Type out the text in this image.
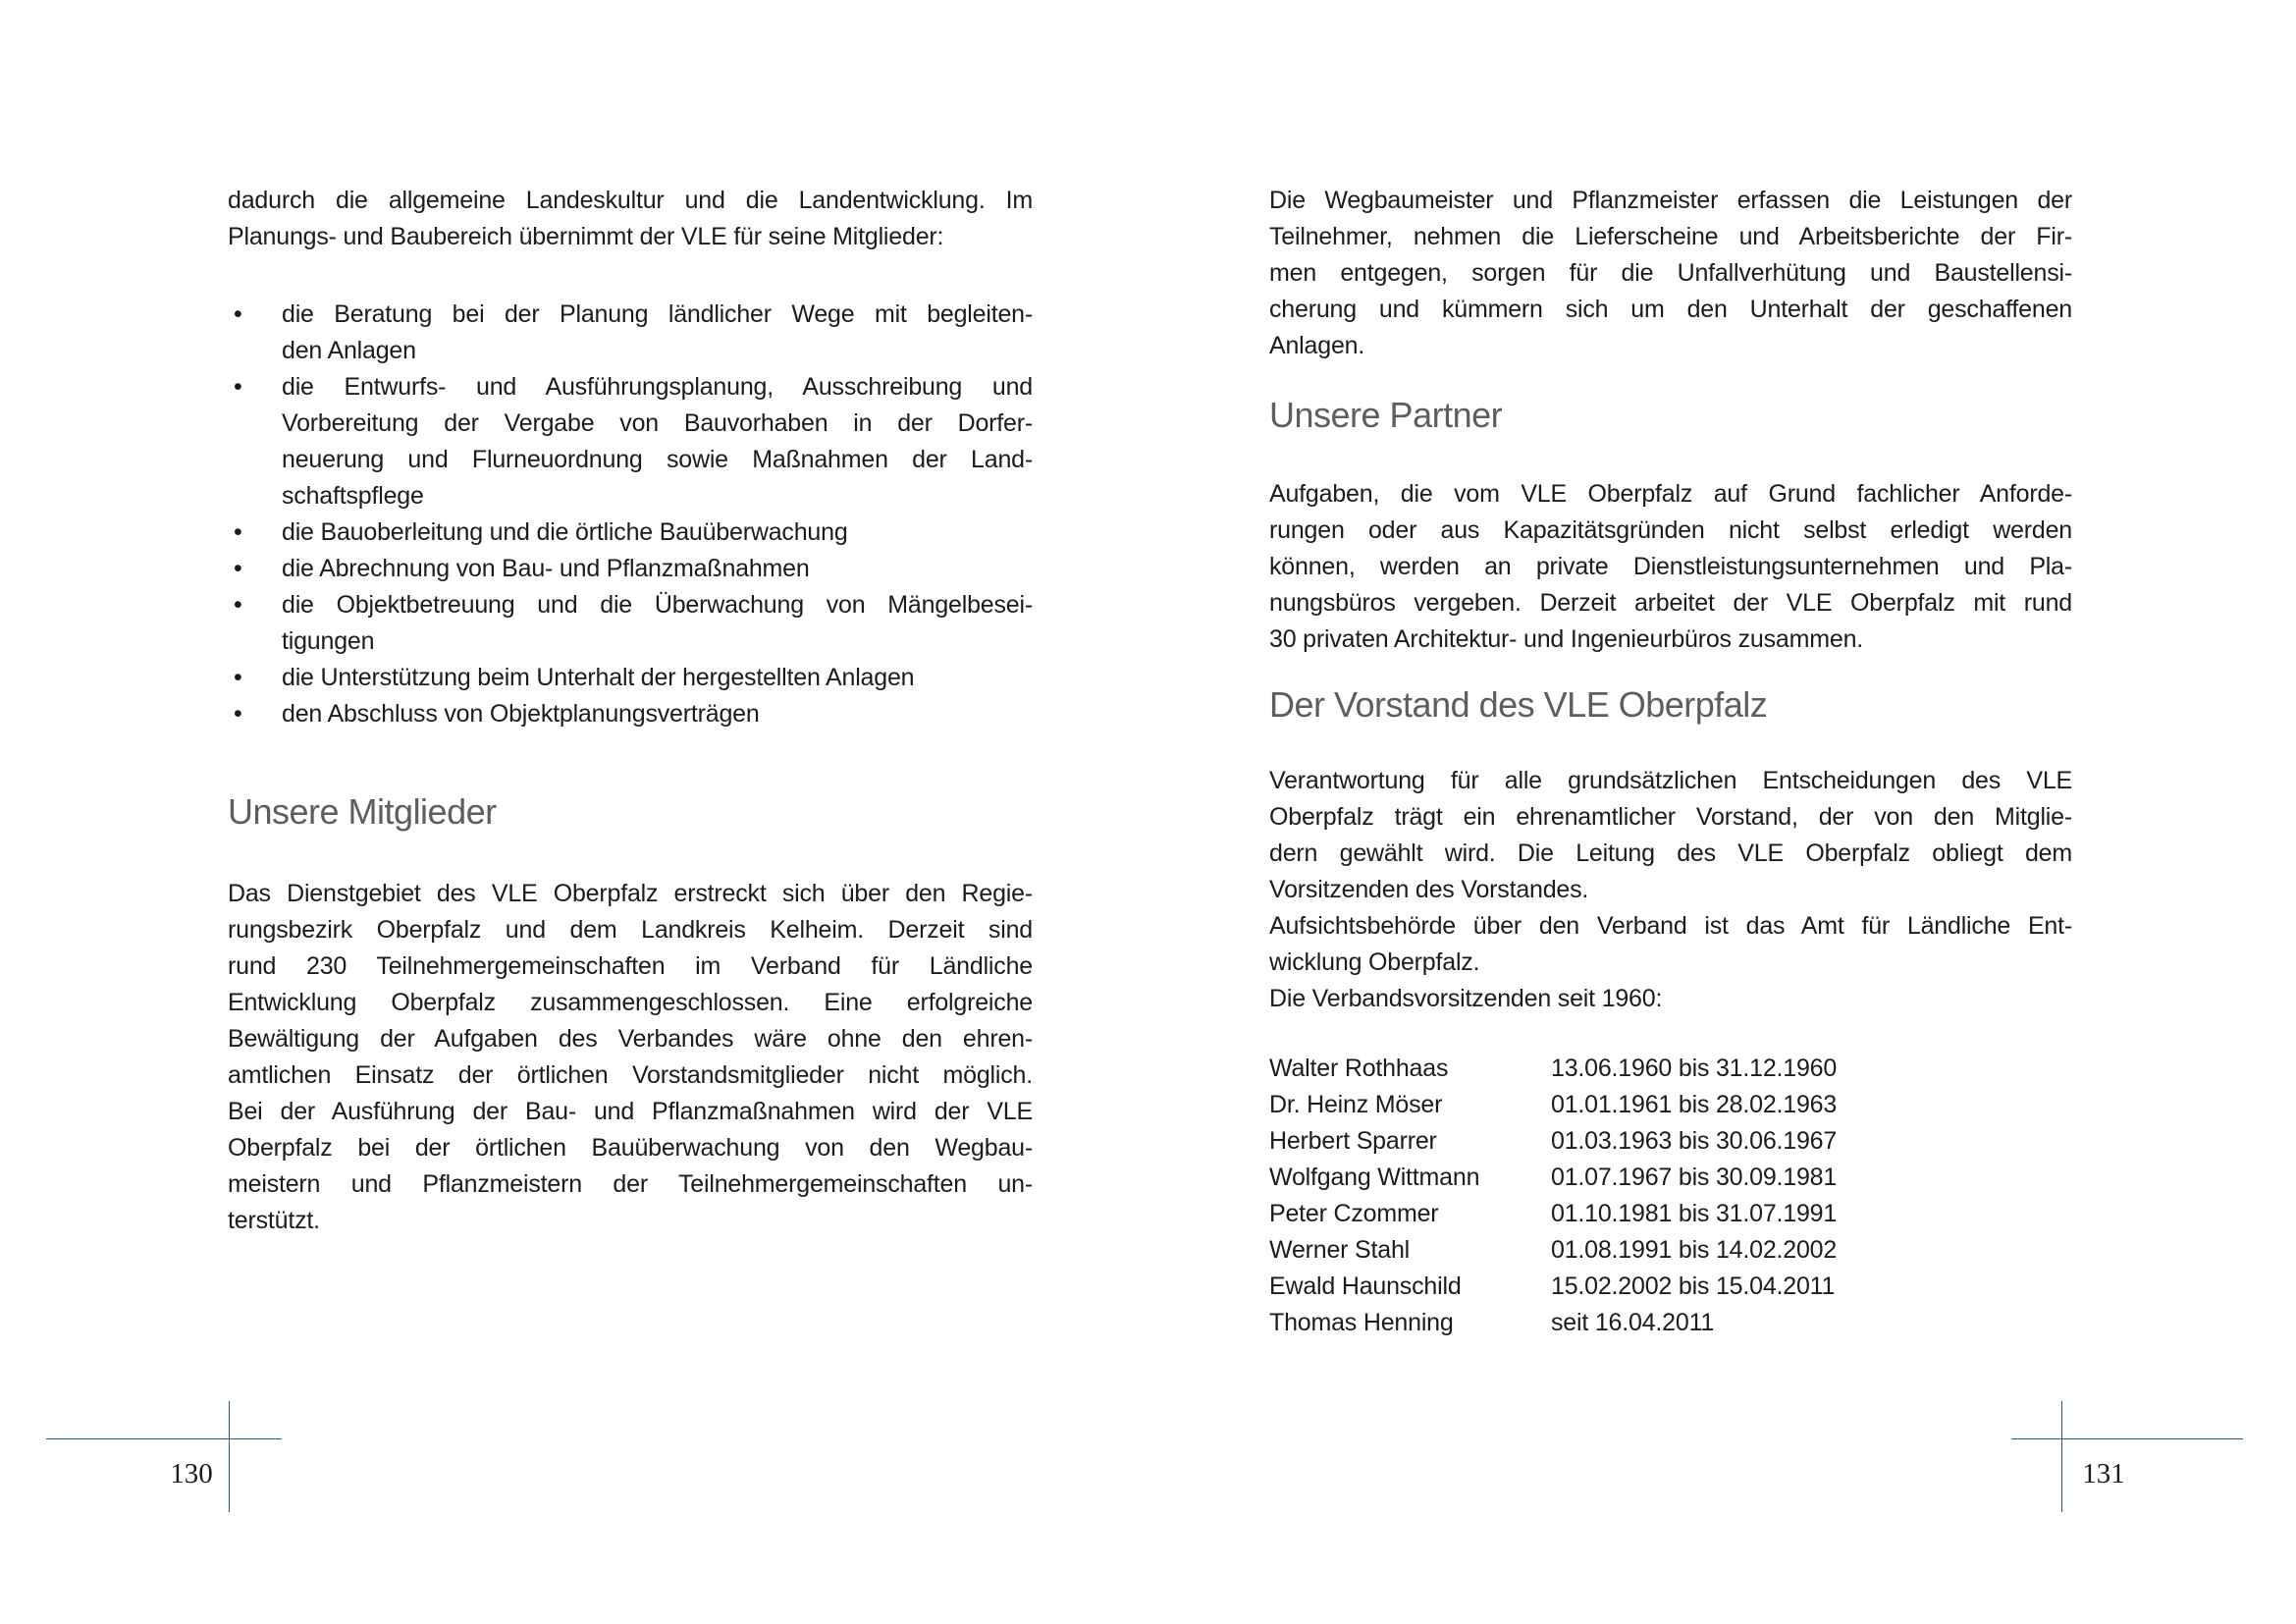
dadurch die allgemeine Landeskultur und die Landentwicklung. Im
Planungs- und Baubereich übernimmt der VLE für seine Mitglieder:
• die Beratung bei der Planung ländlicher Wege mit begleiten-
den Anlagen
• die Entwurfs- und Ausführungsplanung, Ausschreibung und
Vorbereitung der Vergabe von Bauvorhaben in der Dorfer-
neuerung und Flurneuordnung sowie Maßnahmen der Land-
schaftspflege
• die Bauoberleitung und die örtliche Bauüberwachung
• die Abrechnung von Bau- und Pflanzmaßnahmen
• die Objektbetreuung und die Überwachung von Mängelbesei-
tigungen
• die Unterstützung beim Unterhalt der hergestellten Anlagen
• den Abschluss von Objektplanungsverträgen
Unsere Mitglieder
Das Dienstgebiet des VLE Oberpfalz erstreckt sich über den Regie-
rungsbezirk Oberpfalz und dem Landkreis Kelheim. Derzeit sind
rund 230 Teilnehmergemeinschaften im Verband für Ländliche
Entwicklung Oberpfalz zusammengeschlossen. Eine erfolgreiche
Bewältigung der Aufgaben des Verbandes wäre ohne den ehren-
amtlichen Einsatz der örtlichen Vorstandsmitglieder nicht möglich.
Bei der Ausführung der Bau- und Pflanzmaßnahmen wird der VLE
Oberpfalz bei der örtlichen Bauüberwachung von den Wegbau-
meistern und Pflanzmeistern der Teilnehmergemeinschaften un-
terstützt.
Die Wegbaumeister und Pflanzmeister erfassen die Leistungen der
Teilnehmer, nehmen die Lieferscheine und Arbeitsberichte der Fir-
men entgegen, sorgen für die Unfallverhütung und Baustellensi-
cherung und kümmern sich um den Unterhalt der geschaffenen
Anlagen.
Unsere Partner
Aufgaben, die vom VLE Oberpfalz auf Grund fachlicher Anforde-
rungen oder aus Kapazitätsgründen nicht selbst erledigt werden
können, werden an private Dienstleistungsunternehmen und Pla-
nungsbüros vergeben. Derzeit arbeitet der VLE Oberpfalz mit rund
30 privaten Architektur- und Ingenieurbüros zusammen.
Der Vorstand des VLE Oberpfalz
Verantwortung für alle grundsätzlichen Entscheidungen des VLE
Oberpfalz trägt ein ehrenamtlicher Vorstand, der von den Mitglie-
dern gewählt wird. Die Leitung des VLE Oberpfalz obliegt dem
Vorsitzenden des Vorstandes.
Aufsichtsbehörde über den Verband ist das Amt für Ländliche Ent-
wicklung Oberpfalz.
Die Verbandsvorsitzenden seit 1960:
Walter Rothhaas	13.06.1960 bis 31.12.1960
Dr. Heinz Möser	01.01.1961 bis 28.02.1963
Herbert Sparrer	01.03.1963 bis 30.06.1967
Wolfgang Wittmann	01.07.1967 bis 30.09.1981
Peter Czommer	01.10.1981 bis 31.07.1991
Werner Stahl	01.08.1991 bis 14.02.2002
Ewald Haunschild	15.02.2002 bis 15.04.2011
Thomas Henning	seit 16.04.2011
130	131
